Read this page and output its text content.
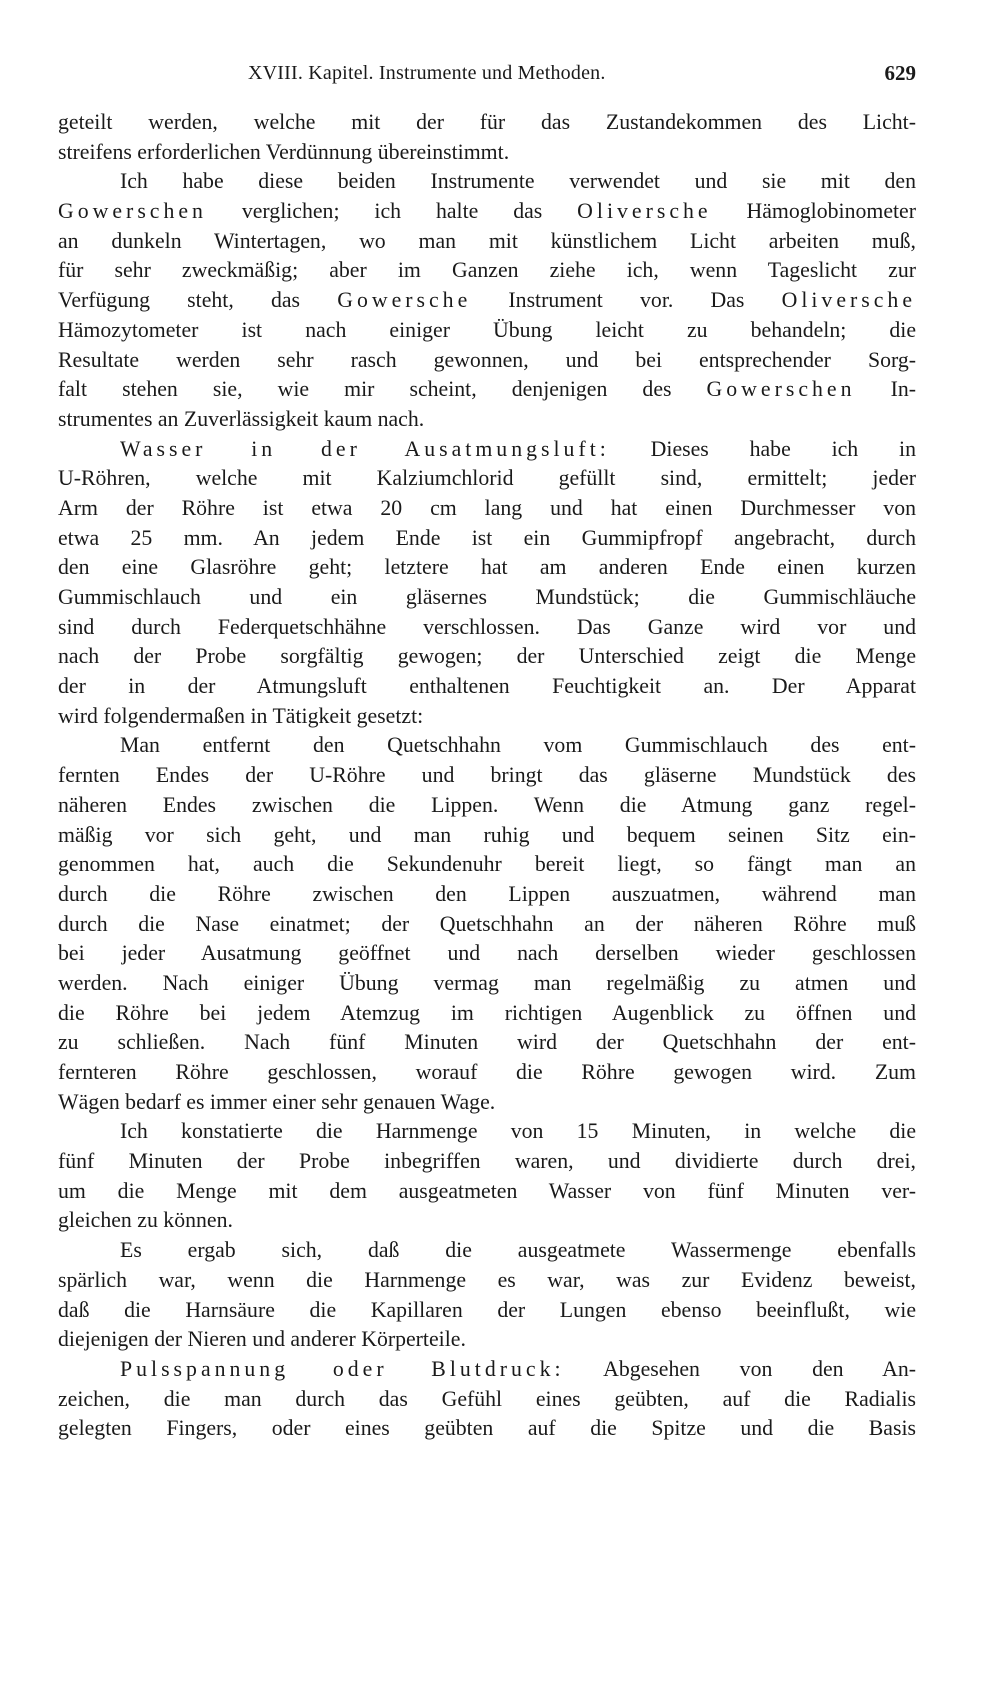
XVIII. Kapitel. Instrumente und Methoden.	629
geteilt werden, welche mit der für das Zustandekommen des Licht-
streifens erforderlichen Verdünnung übereinstimmt.
Ich habe diese beiden Instrumente verwendet und sie mit den
Gowerschen verglichen; ich halte das Oliversche Hämoglobinometer
an dunkeln Wintertagen, wo man mit künstlichem Licht arbeiten muß,
für sehr zweckmäßig; aber im Ganzen ziehe ich, wenn Tageslicht zur
Verfügung steht, das Gowersche Instrument vor. Das Oliversche
Hämozytometer ist nach einiger Übung leicht zu behandeln; die
Resultate werden sehr rasch gewonnen, und bei entsprechender Sorg-
falt stehen sie, wie mir scheint, denjenigen des Gowerschen In-
strumentes an Zuverlässigkeit kaum nach.
Wasser in der Ausatmungsluft: Dieses habe ich in
U-Röhren, welche mit Kalziumchlorid gefüllt sind, ermittelt; jeder
Arm der Röhre ist etwa 20 cm lang und hat einen Durchmesser von
etwa 25 mm. An jedem Ende ist ein Gummipfropf angebracht, durch
den eine Glasröhre geht; letztere hat am anderen Ende einen kurzen
Gummischlauch und ein gläsernes Mundstück; die Gummischläuche
sind durch Federquetschhähne verschlossen. Das Ganze wird vor und
nach der Probe sorgfältig gewogen; der Unterschied zeigt die Menge
der in der Atmungsluft enthaltenen Feuchtigkeit an. Der Apparat
wird folgendermaßen in Tätigkeit gesetzt:
Man entfernt den Quetschhahn vom Gummischlauch des ent-
fernten Endes der U-Röhre und bringt das gläserne Mundstück des
näheren Endes zwischen die Lippen. Wenn die Atmung ganz regel-
mäßig vor sich geht, und man ruhig und bequem seinen Sitz ein-
genommen hat, auch die Sekundenuhr bereit liegt, so fängt man an
durch die Röhre zwischen den Lippen auszuatmen, während man
durch die Nase einatmet; der Quetschhahn an der näheren Röhre muß
bei jeder Ausatmung geöffnet und nach derselben wieder geschlossen
werden. Nach einiger Übung vermag man regelmäßig zu atmen und
die Röhre bei jedem Atemzug im richtigen Augenblick zu öffnen und
zu schließen. Nach fünf Minuten wird der Quetschhahn der ent-
fernteren Röhre geschlossen, worauf die Röhre gewogen wird. Zum
Wägen bedarf es immer einer sehr genauen Wage.
Ich konstatierte die Harnmenge von 15 Minuten, in welche die
fünf Minuten der Probe inbegriffen waren, und dividierte durch drei,
um die Menge mit dem ausgeatmeten Wasser von fünf Minuten ver-
gleichen zu können.
Es ergab sich, daß die ausgeatmete Wassermenge ebenfalls
spärlich war, wenn die Harnmenge es war, was zur Evidenz beweist,
daß die Harnsäure die Kapillaren der Lungen ebenso beeinflußt, wie
diejenigen der Nieren und anderer Körperteile.
Pulsspannung oder Blutdruck: Abgesehen von den An-
zeichen, die man durch das Gefühl eines geübten, auf die Radialis
gelegten Fingers, oder eines geübten auf die Spitze und die Basis
